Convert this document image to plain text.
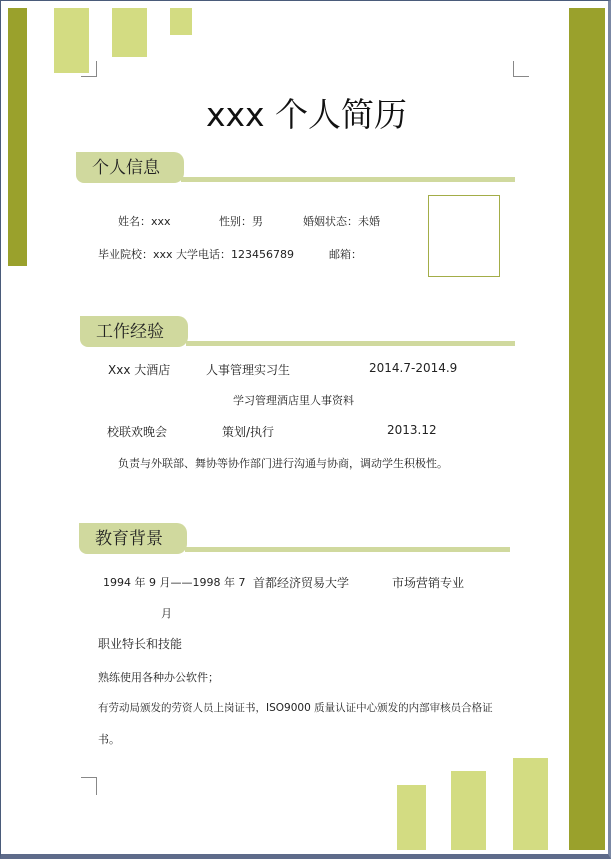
xxx 个人简历
个人信息
姓名：xxx	性别：男	婚姻状态：未婚
毕业院校：xxx 大学 电话：123456789	邮箱：
工作经验
Xxx 大酒店	人事管理实习生	2014.7-2014.9
学习管理酒店里人事资料
校联欢晚会	策划/执行	2013.12
负责与外联部、舞协等协作部门进行沟通与协商，调动学生积极性。
教育背景
1994 年 9 月——1998 年 7
月
首都经济贸易大学	市场营销专业
职业特长和技能
熟练使用各种办公软件；
有劳动局颁发的劳资人员上岗证书，ISO9000 质量认证中心颁发的内部审核员合格证
书。
